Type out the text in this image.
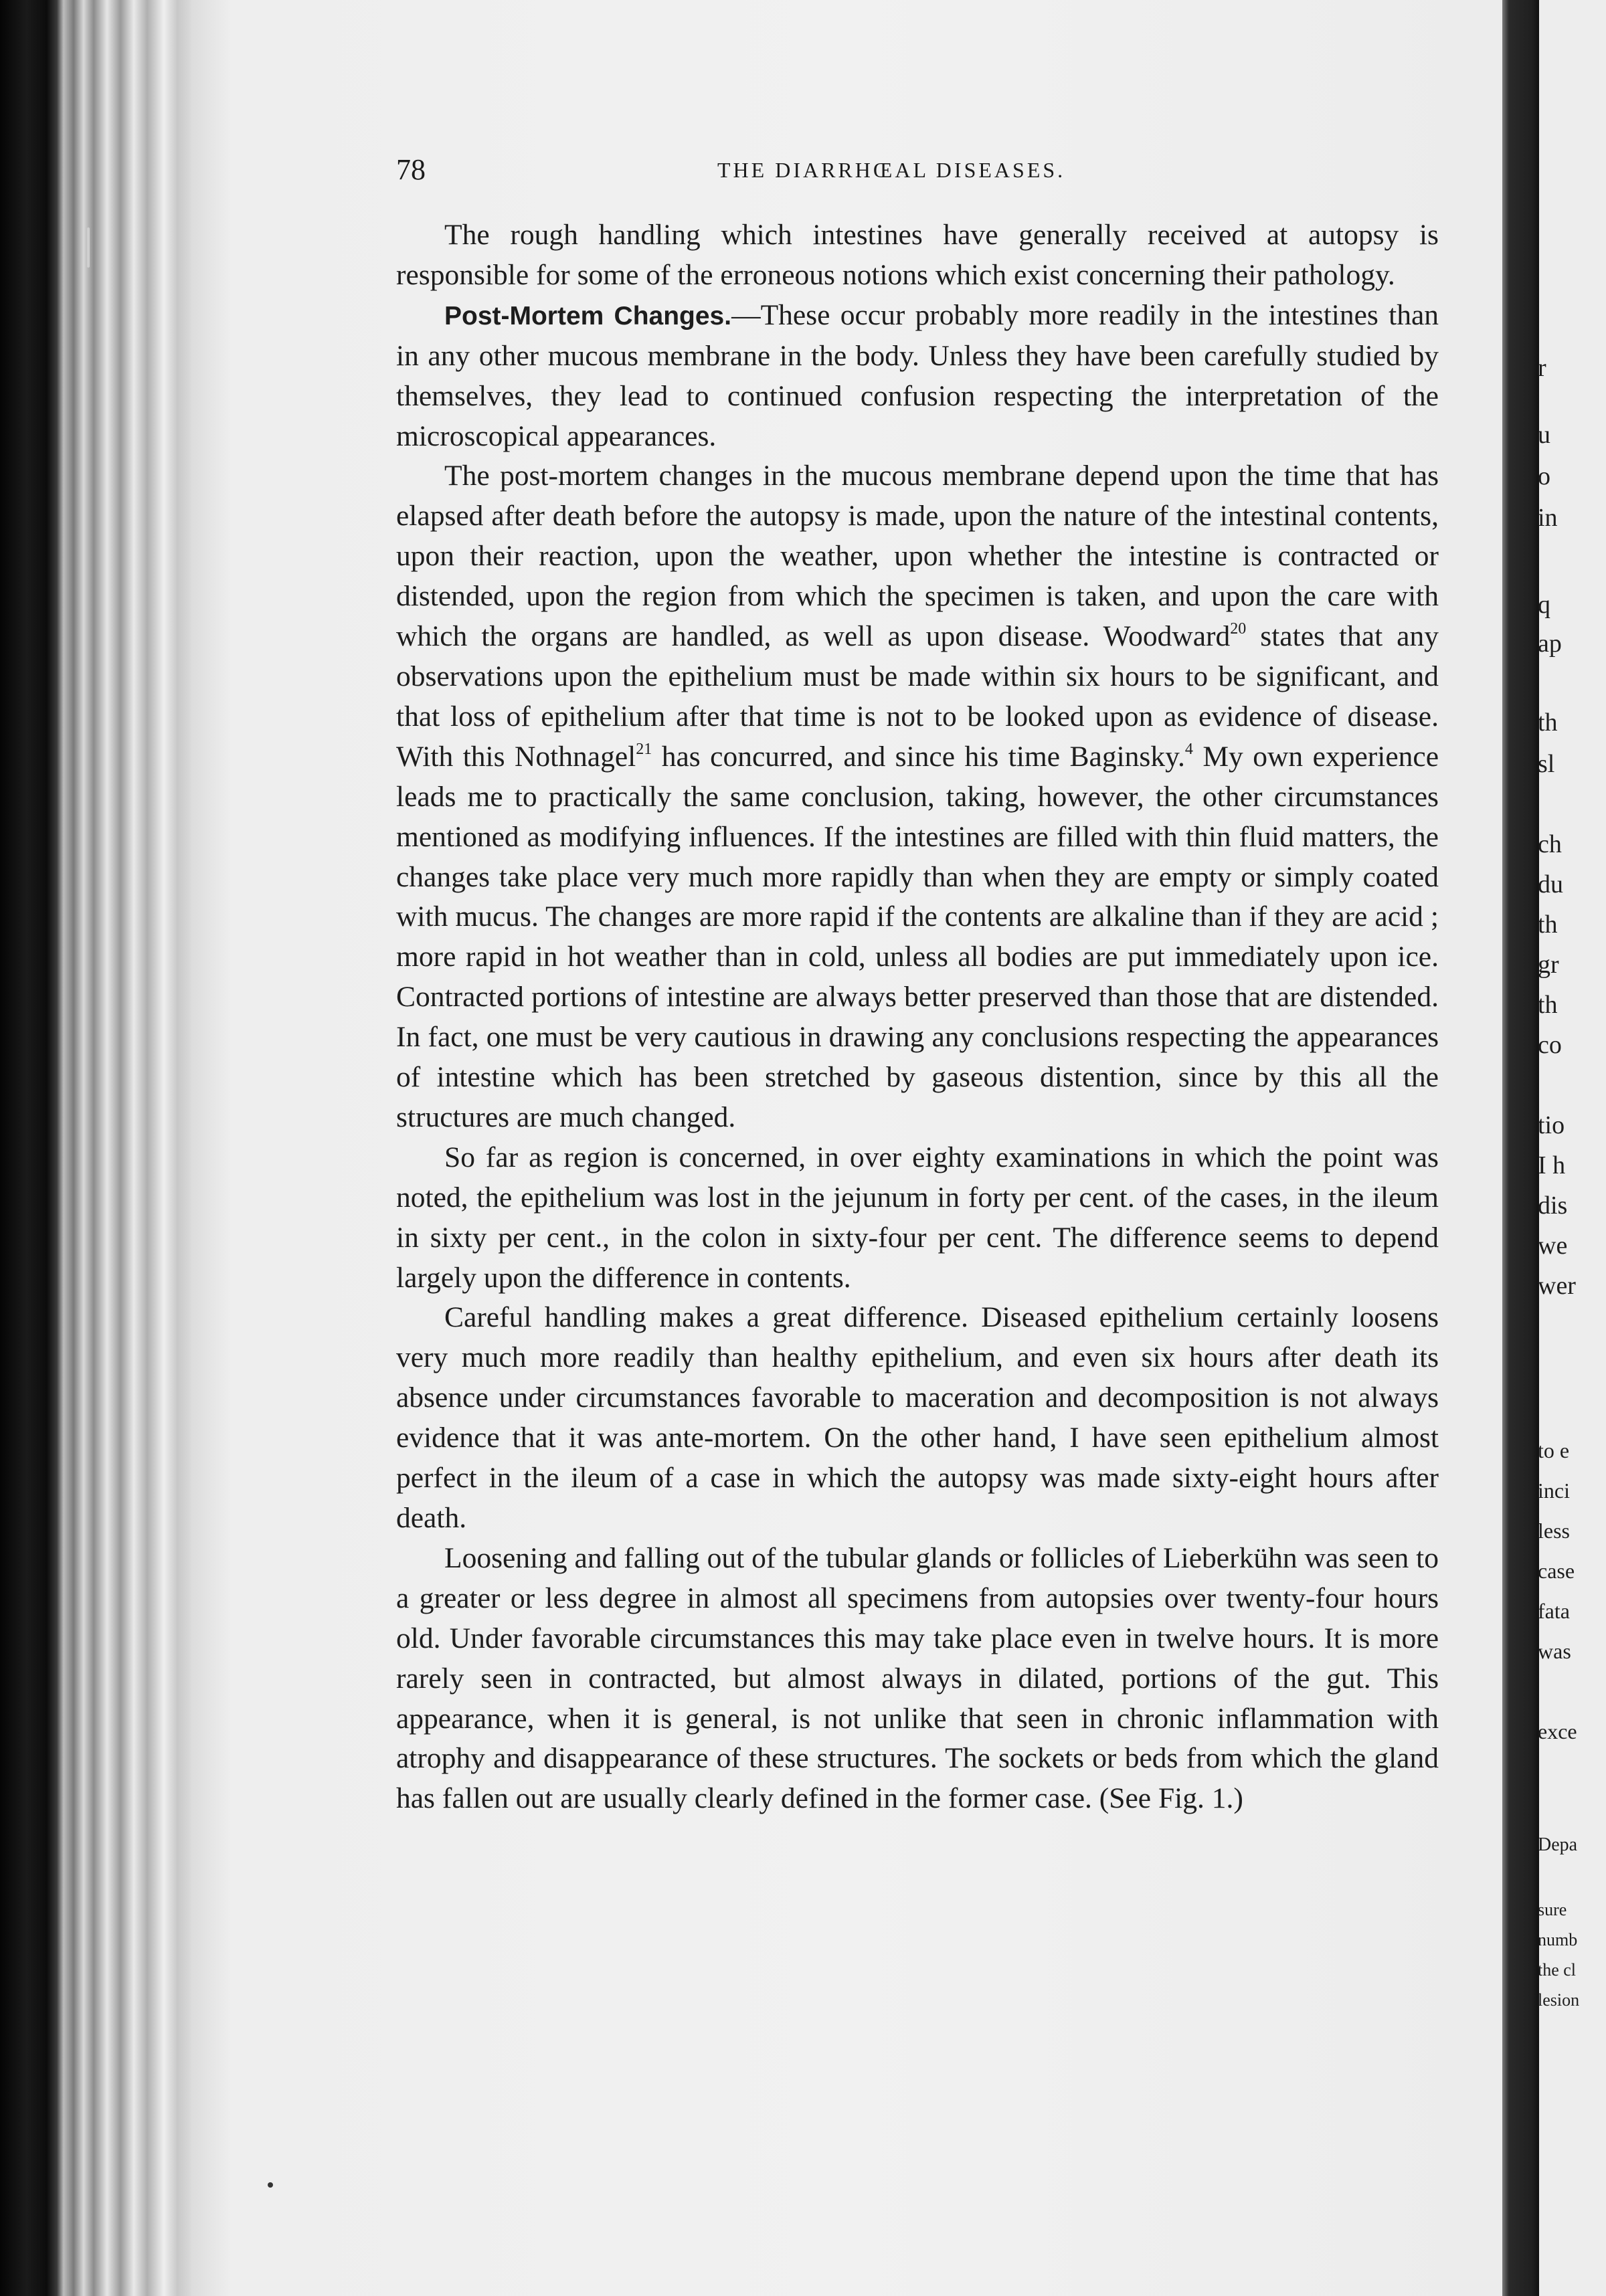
78	THE DIARRHŒAL DISEASES.

The rough handling which intestines have generally received at autopsy is responsible for some of the erroneous notions which exist concerning their pathology.

Post-Mortem Changes.—These occur probably more readily in the intestines than in any other mucous membrane in the body. Unless they have been carefully studied by themselves, they lead to continued confusion respecting the interpretation of the microscopical appearances.

The post-mortem changes in the mucous membrane depend upon the time that has elapsed after death before the autopsy is made, upon the nature of the intestinal contents, upon their reaction, upon the weather, upon whether the intestine is contracted or distended, upon the region from which the specimen is taken, and upon the care with which the organs are handled, as well as upon disease. Woodward$^{20}$ states that any observations upon the epithelium must be made within six hours to be significant, and that loss of epithelium after that time is not to be looked upon as evidence of disease. With this Nothnagel$^{21}$ has concurred, and since his time Baginsky.$^4$ My own experience leads me to practically the same conclusion, taking, however, the other circumstances mentioned as modifying influences. If the intestines are filled with thin fluid matters, the changes take place very much more rapidly than when they are empty or simply coated with mucus. The changes are more rapid if the contents are alkaline than if they are acid ; more rapid in hot weather than in cold, unless all bodies are put immediately upon ice. Contracted portions of intestine are always better preserved than those that are distended. In fact, one must be very cautious in drawing any conclusions respecting the appearances of intestine which has been stretched by gaseous distention, since by this all the structures are much changed.

So far as region is concerned, in over eighty examinations in which the point was noted, the epithelium was lost in the jejunum in forty per cent. of the cases, in the ileum in sixty per cent., in the colon in sixty-four per cent. The difference seems to depend largely upon the difference in contents.

Careful handling makes a great difference. Diseased epithelium certainly loosens very much more readily than healthy epithelium, and even six hours after death its absence under circumstances favorable to maceration and decomposition is not always evidence that it was ante-mortem. On the other hand, I have seen epithelium almost perfect in the ileum of a case in which the autopsy was made sixty-eight hours after death.

Loosening and falling out of the tubular glands or follicles of Lieberkühn was seen to a greater or less degree in almost all specimens from autopsies over twenty-four hours old. Under favorable circumstances this may take place even in twelve hours. It is more rarely seen in contracted, but almost always in dilated, portions of the gut. This appearance, when it is general, is not unlike that seen in chronic inflammation with atrophy and disappearance of these structures. The sockets or beds from which the gland has fallen out are usually clearly defined in the former case. (See Fig. 1.)

r
u
o
in
q
ap
th
sl
ch
du
th
gr
th
co
tio
I h
dis
we
wer
to e
inci
less
case
fata
was
exce
Depa
sure
numb
the cl
lesion
